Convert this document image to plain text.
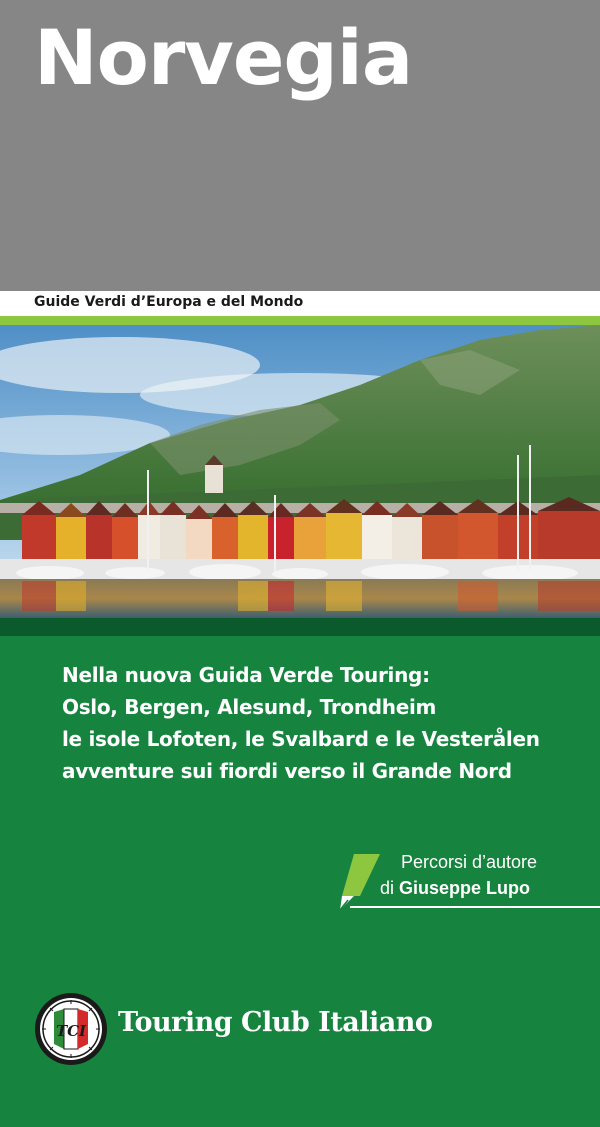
Norvegia
Guide Verdi d’Europa e del Mondo
Nella nuova Guida Verde Touring:
Oslo, Bergen, Alesund, Trondheim
le isole Lofoten, le Svalbard e le Vesterålen
avventure sui fiordi verso il Grande Nord
Percorsi d’autore
di Giuseppe Lupo
TCI Touring Club Italiano
